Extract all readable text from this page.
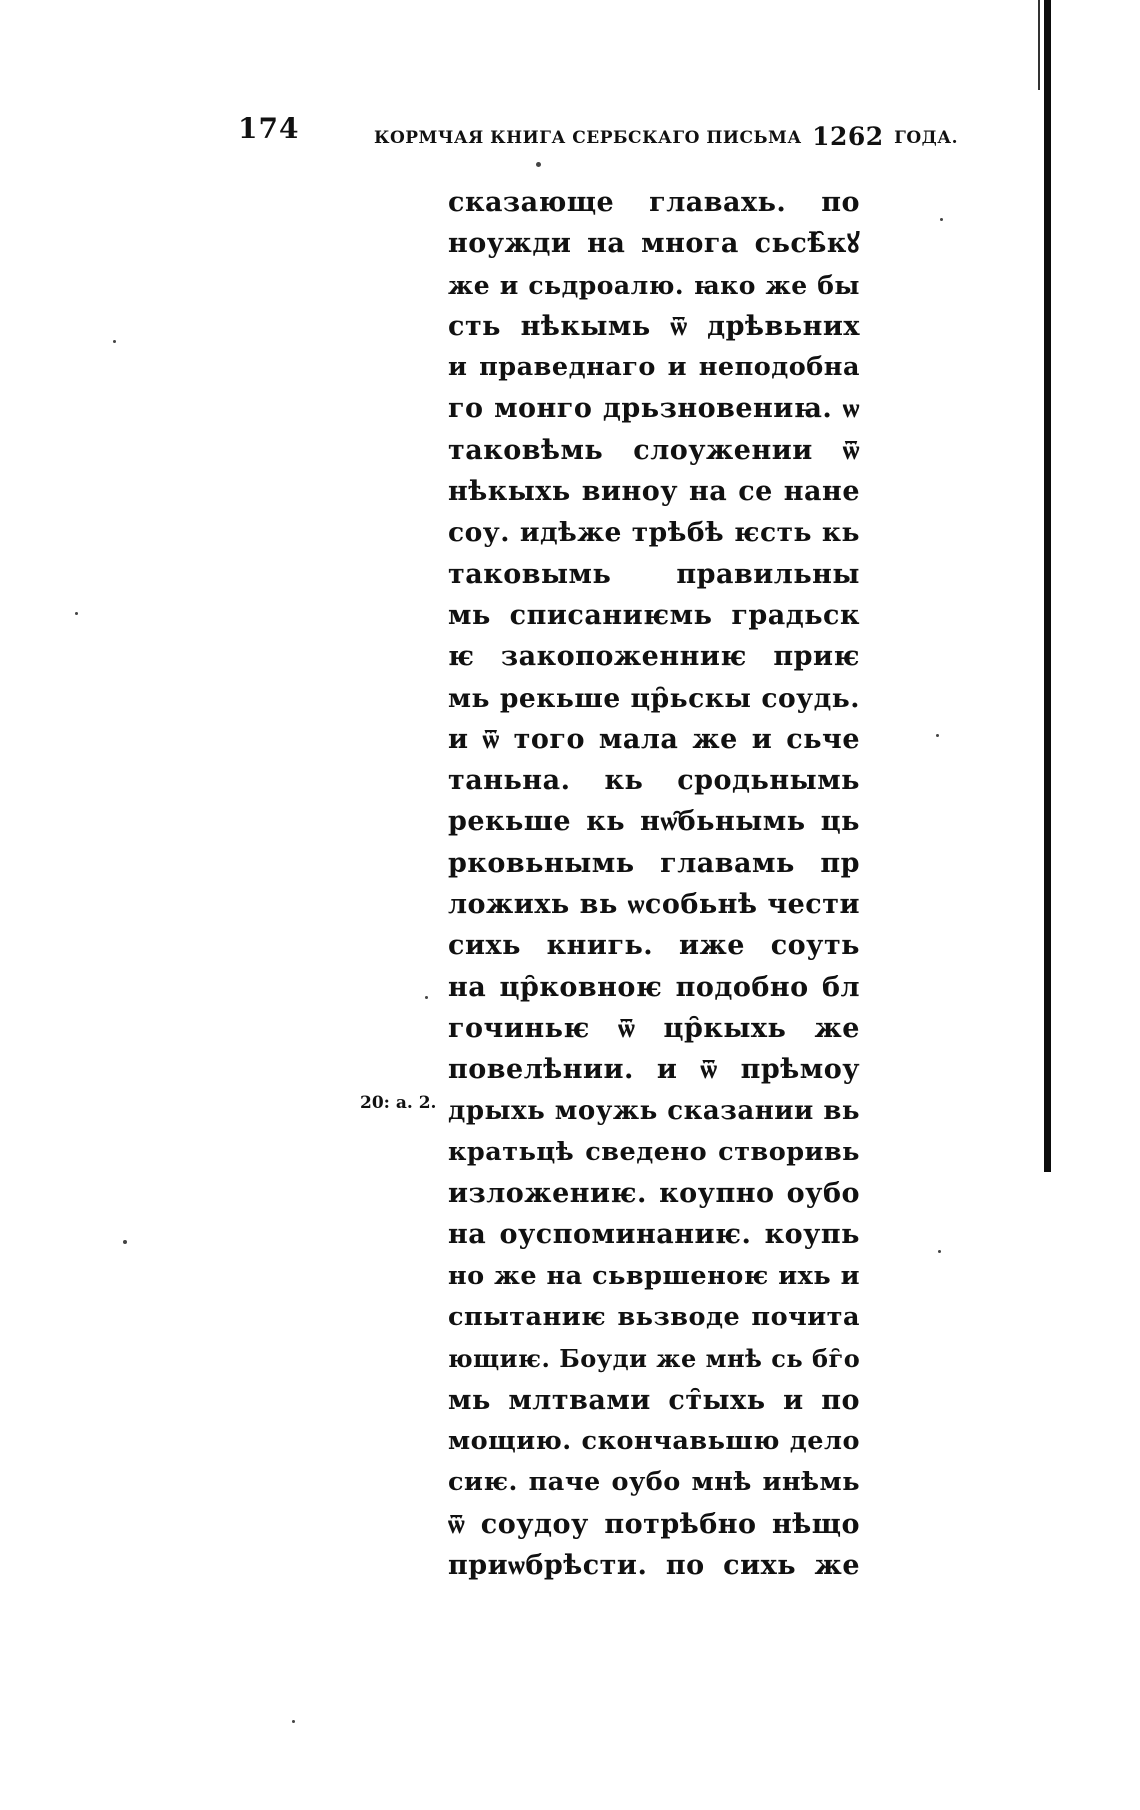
174	КОРМЧАЯ КНИГА СЕРБСКАГО ПИСЬМА 1262 ГОДА.
20: а. 2.
сказающе главахь. по
ноужди на многа сьсѣ̑кꙋ
же и сьдроалю. ꙗко же бы
сть нѣкымь ѿ дрѣвьних
и праведнаго и неподобна
го монго дрьзновениꙗ. ѡ
таковѣмь слоужении ѿ
нѣкыхь виноу на се нане
соу. идѣже трѣбѣ ѥсть кь
таковымь правильны
мь списаниѥмь градьск
ѥ закопоженниѥ приѥ
мь рекьше цр̑ьскы соудь.
и ѿ того мала же и сьче
таньна. кь сродьнымь
рекьше кь нѡ̑бьнымь ць
рковьнымь главамь пр
ложихь вь ѡсобьнѣ чести
сихь книгь. иже соуть
на цр̑ковноѥ подобно бл
гочиньѥ ѿ цр̑кыхь же
повелѣнии. и ѿ прѣмоу
дрыхь моужь сказании вь
кратьцѣ сведено створивь
изложениѥ. коупно оубо
на оуспоминаниѥ. коупь
но же на сьвршеноѥ ихь и
спытаниѥ вьзводе почита
ющиѥ. Боуди же мнѣ сь бг̑о
мь млтвами ст̑ыхь и по
мощию. скончавьшю дело
сиѥ. паче оубо мнѣ инѣмь
ѿ соудоу потрѣбно нѣщо
приѡбрѣсти. по сихь же
